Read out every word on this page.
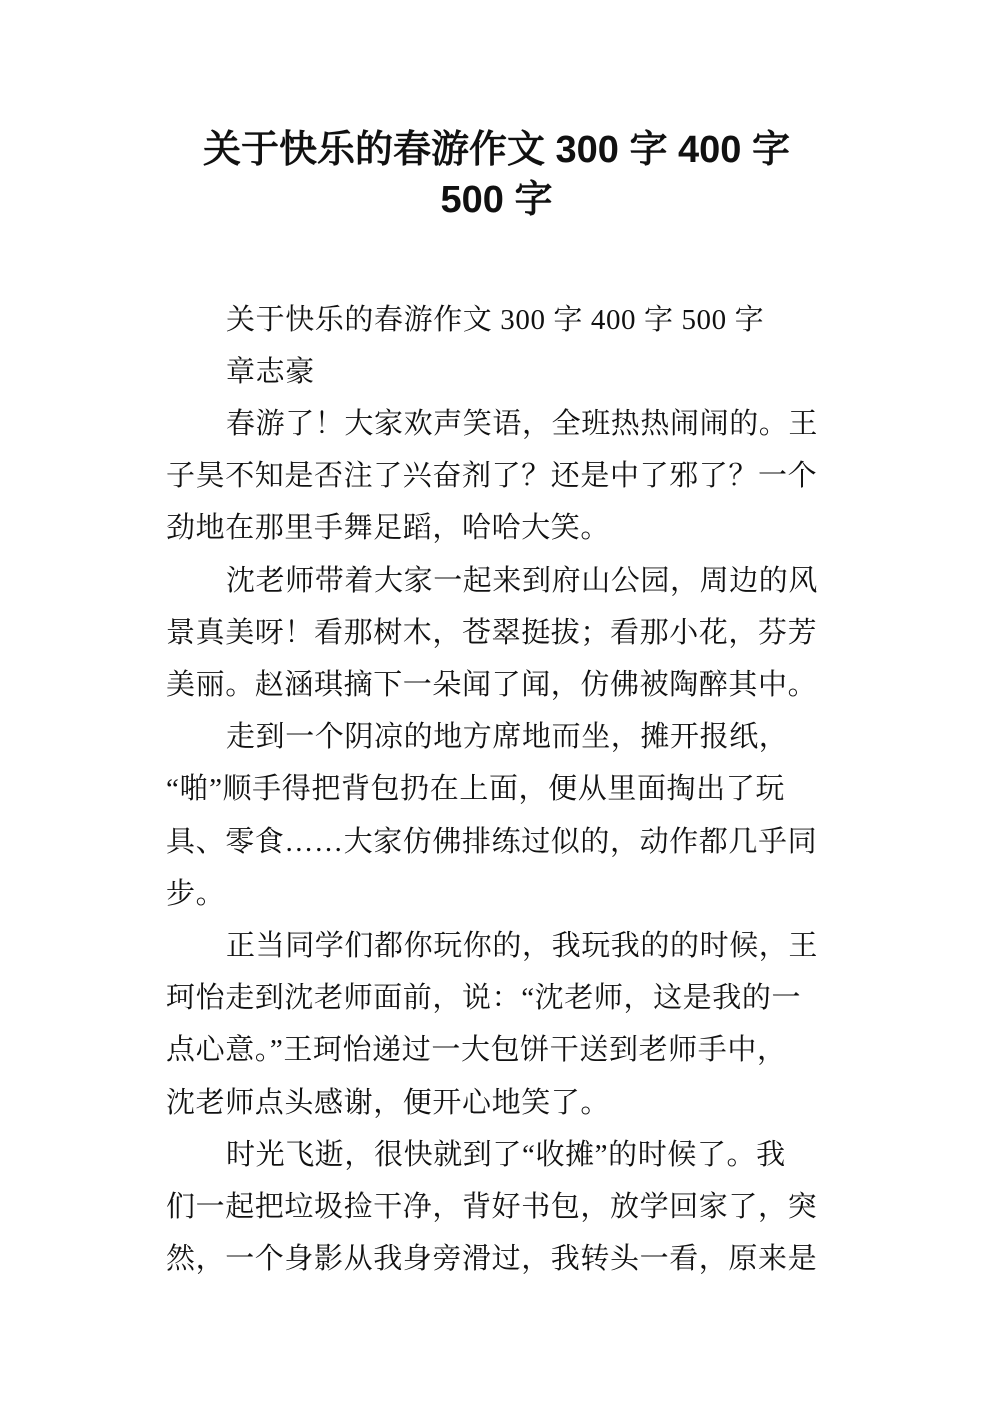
关于快乐的春游作文 300 字 400 字
500 字
关于快乐的春游作文 300 字 400 字 500 字
章志豪
春游了！大家欢声笑语，全班热热闹闹的。王
子昊不知是否注了兴奋剂了？还是中了邪了？一个
劲地在那里手舞足蹈，哈哈大笑。
沈老师带着大家一起来到府山公园，周边的风
景真美呀！看那树木，苍翠挺拔；看那小花，芬芳
美丽。赵涵琪摘下一朵闻了闻，仿佛被陶醉其中。
走到一个阴凉的地方席地而坐，摊开报纸，
“啪”顺手得把背包扔在上面，便从里面掏出了玩
具、零食……大家仿佛排练过似的，动作都几乎同
步。
正当同学们都你玩你的，我玩我的的时候，王
珂怡走到沈老师面前，说：“沈老师，这是我的一
点心意。”王珂怡递过一大包饼干送到老师手中，
沈老师点头感谢，便开心地笑了。
时光飞逝，很快就到了“收摊”的时候了。我
们一起把垃圾捡干净，背好书包，放学回家了，突
然，一个身影从我身旁滑过，我转头一看，原来是
